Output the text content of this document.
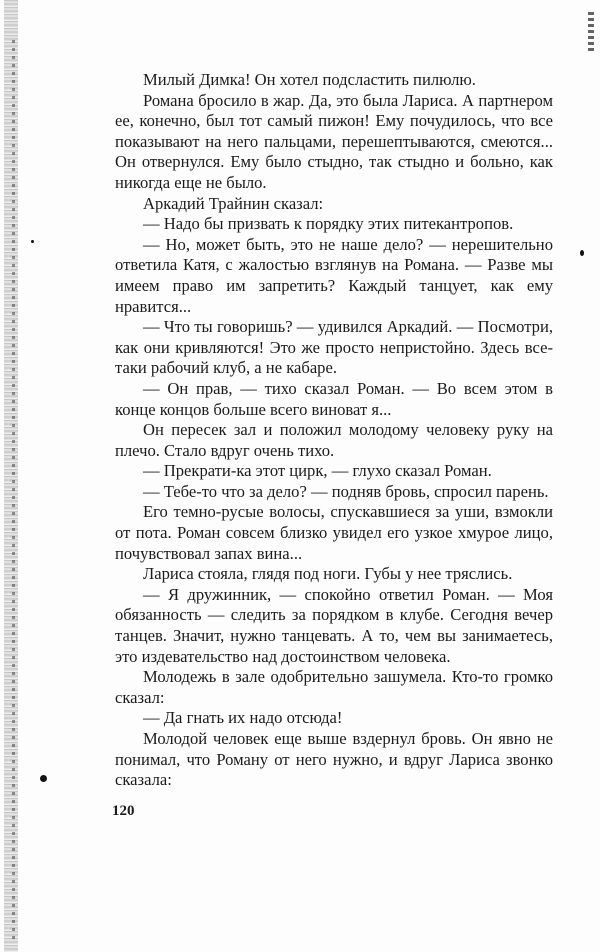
Милый Димка! Он хотел подсластить пилюлю.

Романа бросило в жар. Да, это была Лариса. А партнером ее, конечно, был тот самый пижон! Ему почудилось, что все показывают на него пальцами, перешептываются, смеются... Он отвернулся. Ему было стыдно, так стыдно и больно, как никогда еще не было.

Аркадий Трайнин сказал:

— Надо бы призвать к порядку этих питекантропов.

— Но, может быть, это не наше дело? — нерешительно ответила Катя, с жалостью взглянув на Романа. — Разве мы имеем право им запретить? Каждый танцует, как ему нравится...

— Что ты говоришь? — удивился Аркадий. — Посмотри, как они кривляются! Это же просто непристойно. Здесь все-таки рабочий клуб, а не кабаре.

— Он прав, — тихо сказал Роман. — Во всем этом в конце концов больше всего виноват я...

Он пересек зал и положил молодому человеку руку на плечо. Стало вдруг очень тихо.

— Прекрати-ка этот цирк, — глухо сказал Роман.

— Тебе-то что за дело? — подняв бровь, спросил парень.

Его темно-русые волосы, спускавшиеся за уши, взмокли от пота. Роман совсем близко увидел его узкое хмурое лицо, почувствовал запах вина...

Лариса стояла, глядя под ноги. Губы у нее тряслись.

— Я дружинник, — спокойно ответил Роман. — Моя обязанность — следить за порядком в клубе. Сегодня вечер танцев. Значит, нужно танцевать. А то, чем вы занимаетесь, это издевательство над достоинством человека.

Молодежь в зале одобрительно зашумела. Кто-то громко сказал:

— Да гнать их надо отсюда!

Молодой человек еще выше вздернул бровь. Он явно не понимал, что Роману от него нужно, и вдруг Лариса звонко сказала:

120
